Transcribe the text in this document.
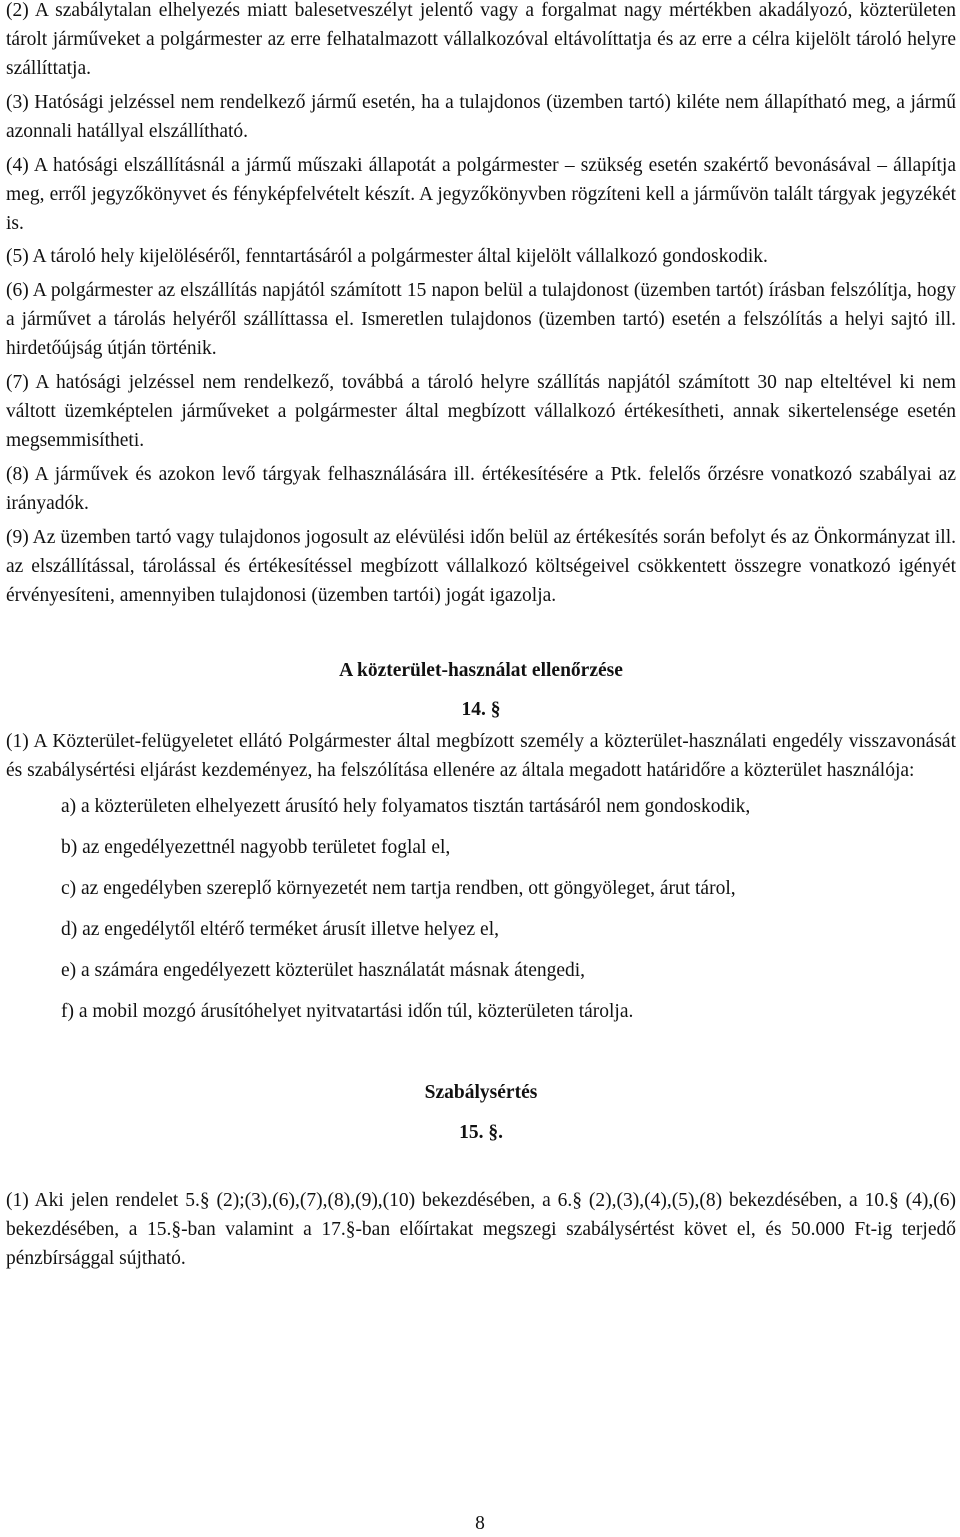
(2) A szabálytalan elhelyezés miatt balesetveszélyt jelentő vagy a forgalmat nagy mértékben akadályozó, közterületen tárolt járműveket a polgármester az erre felhatalmazott vállalkozóval eltávolíttatja és az erre a célra kijelölt tároló helyre szállíttatja.

(3) Hatósági jelzéssel nem rendelkező jármű esetén, ha a tulajdonos (üzemben tartó) kiléte nem állapítható meg, a jármű azonnali hatállyal elszállítható.

(4) A hatósági elszállításnál a jármű műszaki állapotát a polgármester – szükség esetén szakértő bevonásával – állapítja meg, erről jegyzőkönyvet és fényképfelvételt készít. A jegyzőkönyvben rögzíteni kell a járművön talált tárgyak jegyzékét is.

(5) A tároló hely kijelöléséről, fenntartásáról a polgármester által kijelölt vállalkozó gondoskodik.

(6) A polgármester az elszállítás napjától számított 15 napon belül a tulajdonost (üzemben tartót) írásban felszólítja, hogy a járművet a tárolás helyéről szállíttassa el. Ismeretlen tulajdonos (üzemben tartó) esetén a felszólítás a helyi sajtó ill. hirdetőújság útján történik.

(7) A hatósági jelzéssel nem rendelkező, továbbá a tároló helyre szállítás napjától számított 30 nap elteltével ki nem váltott üzemképtelen járműveket a polgármester által megbízott vállalkozó értékesítheti, annak sikertelensége esetén megsemmisítheti.

(8) A járművek és azokon levő tárgyak felhasználására ill. értékesítésére a Ptk. felelős őrzésre vonatkozó szabályai az irányadók.

(9) Az üzemben tartó vagy tulajdonos jogosult az elévülési időn belül az értékesítés során befolyt és az Önkormányzat ill. az elszállítással, tárolással és értékesítéssel megbízott vállalkozó költségeivel csökkentett összegre vonatkozó igényét érvényesíteni, amennyiben tulajdonosi (üzemben tartói) jogát igazolja.

A közterület-használat ellenőrzése

14. §

(1) A Közterület-felügyeletet ellátó Polgármester által megbízott személy a közterület-használati engedély visszavonását és szabálysértési eljárást kezdeményez, ha felszólítása ellenére az általa megadott határidőre a közterület használója:

a) a közterületen elhelyezett árusító hely folyamatos tisztán tartásáról nem gondoskodik,

b) az engedélyezettnél nagyobb területet foglal el,

c) az engedélyben szereplő környezetét nem tartja rendben, ott göngyöleget, árut tárol,

d) az engedélytől eltérő terméket árusít illetve helyez el,

e) a számára engedélyezett közterület használatát másnak átengedi,

f) a mobil mozgó árusítóhelyet nyitvatartási időn túl, közterületen tárolja.

Szabálysértés

15. §.

(1) Aki jelen rendelet 5.§ (2);(3),(6),(7),(8),(9),(10) bekezdésében, a 6.§ (2),(3),(4),(5),(8) bekezdésében, a 10.§ (4),(6) bekezdésében, a 15.§-ban valamint a 17.§-ban előírtakat megszegi szabálysértést követ el, és 50.000 Ft-ig terjedő pénzbírsággal sújtható.

8
